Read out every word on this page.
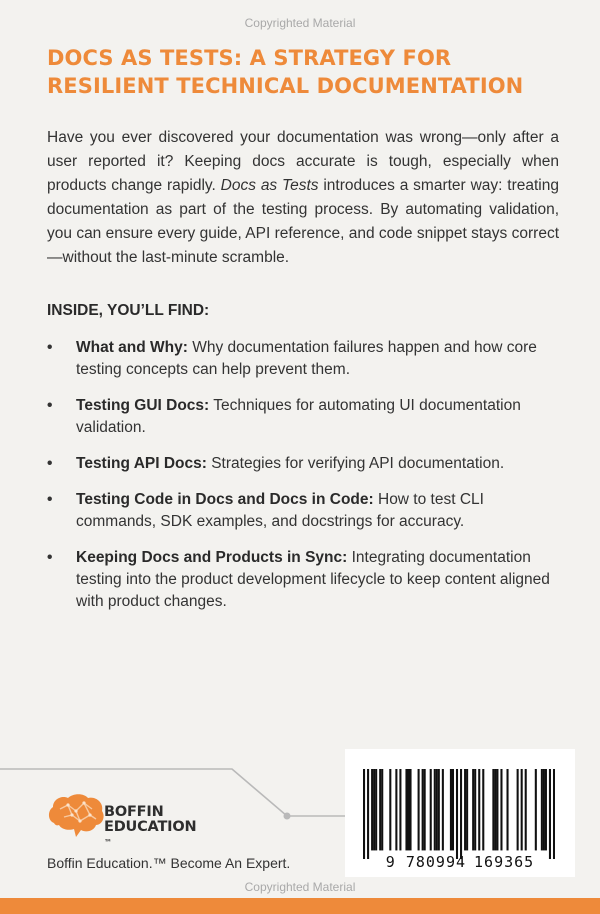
Copyrighted Material
DOCS AS TESTS: A STRATEGY FOR RESILIENT TECHNICAL DOCUMENTATION

Have you ever discovered your documentation was wrong—only after a user reported it? Keeping docs accurate is tough, especially when products change rapidly. Docs as Tests introduces a smarter way: treating documentation as part of the testing process. By automating validation, you can ensure every guide, API reference, and code snippet stays correct—without the last-minute scramble.

INSIDE, YOU’LL FIND:
• What and Why: Why documentation failures happen and how core testing concepts can help prevent them.
• Testing GUI Docs: Techniques for automating UI documentation validation.
• Testing API Docs: Strategies for verifying API documentation.
• Testing Code in Docs and Docs in Code: How to test CLI commands, SDK examples, and docstrings for accuracy.
• Keeping Docs and Products in Sync: Integrating documentation testing into the product development lifecycle to keep content aligned with product changes.
BOFFIN
EDUCATION
™
Boffin Education.™ Become An Expert.	9 780994 169365
Copyrighted Material
